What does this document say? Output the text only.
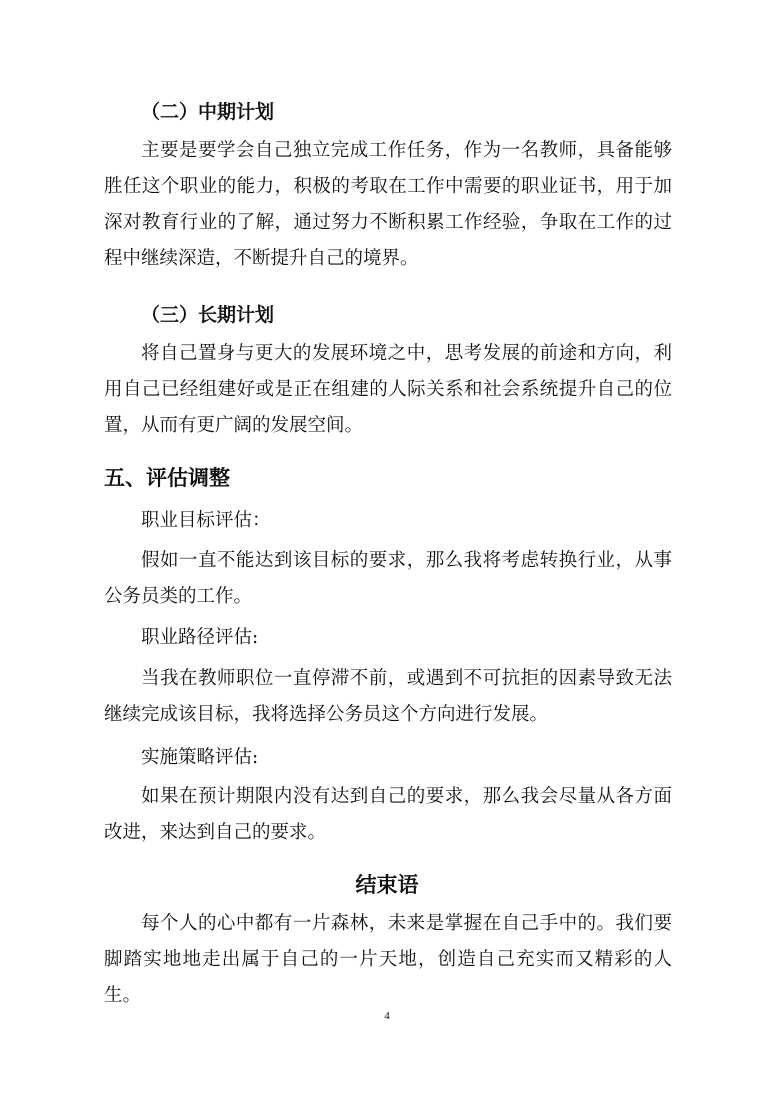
（二）中期计划

主要是要学会自己独立完成工作任务，作为一名教师，具备能够胜任这个职业的能力，积极的考取在工作中需要的职业证书，用于加深对教育行业的了解，通过努力不断积累工作经验，争取在工作的过程中继续深造，不断提升自己的境界。

（三）长期计划

将自己置身与更大的发展环境之中，思考发展的前途和方向，利用自己已经组建好或是正在组建的人际关系和社会系统提升自己的位置，从而有更广阔的发展空间。

五、评估调整

职业目标评估：

假如一直不能达到该目标的要求，那么我将考虑转换行业，从事公务员类的工作。

职业路径评估:

当我在教师职位一直停滞不前，或遇到不可抗拒的因素导致无法继续完成该目标，我将选择公务员这个方向进行发展。

实施策略评估:

如果在预计期限内没有达到自己的要求，那么我会尽量从各方面改进，来达到自己的要求。

结束语

每个人的心中都有一片森林，未来是掌握在自己手中的。我们要脚踏实地地走出属于自己的一片天地，创造自己充实而又精彩的人生。

4
